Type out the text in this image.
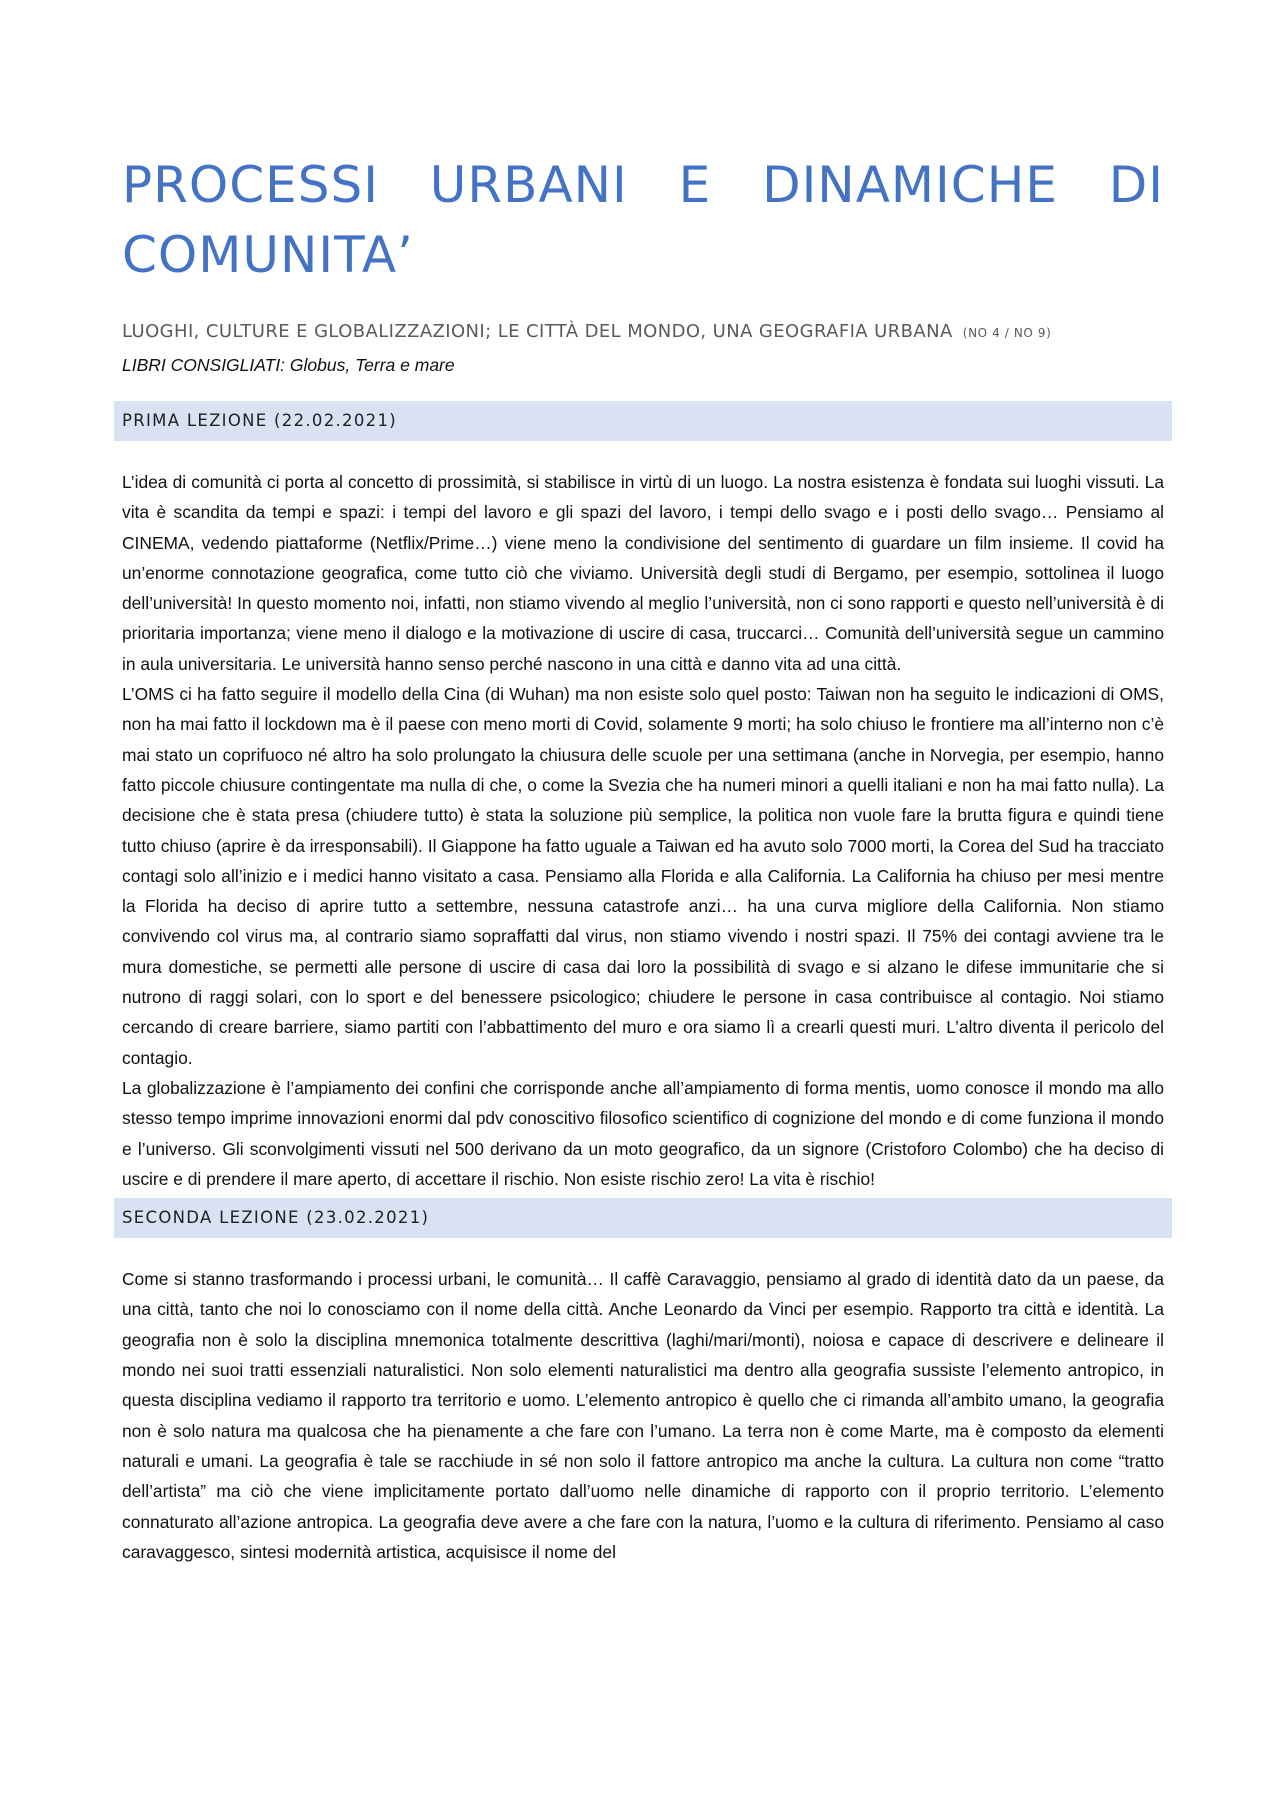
PROCESSI URBANI E DINAMICHE DI COMUNITA’
LUOGHI, CULTURE E GLOBALIZZAZIONI; LE CITTÀ DEL MONDO, UNA GEOGRAFIA URBANA (NO 4 / NO 9)
LIBRI CONSIGLIATI: Globus, Terra e mare
PRIMA LEZIONE (22.02.2021)

L’idea di comunità ci porta al concetto di prossimità, si stabilisce in virtù di un luogo. La nostra esistenza è fondata sui luoghi vissuti. La vita è scandita da tempi e spazi: i tempi del lavoro e gli spazi del lavoro, i tempi dello svago e i posti dello svago… Pensiamo al CINEMA, vedendo piattaforme (Netflix/Prime…) viene meno la condivisione del sentimento di guardare un film insieme. Il covid ha un’enorme connotazione geografica, come tutto ciò che viviamo. Università degli studi di Bergamo, per esempio, sottolinea il luogo dell’università! In questo momento noi, infatti, non stiamo vivendo al meglio l’università, non ci sono rapporti e questo nell’università è di prioritaria importanza; viene meno il dialogo e la motivazione di uscire di casa, truccarci… Comunità dell’università segue un cammino in aula universitaria. Le università hanno senso perché nascono in una città e danno vita ad una città.

L’OMS ci ha fatto seguire il modello della Cina (di Wuhan) ma non esiste solo quel posto: Taiwan non ha seguito le indicazioni di OMS, non ha mai fatto il lockdown ma è il paese con meno morti di Covid, solamente 9 morti; ha solo chiuso le frontiere ma all’interno non c’è mai stato un coprifuoco né altro ha solo prolungato la chiusura delle scuole per una settimana (anche in Norvegia, per esempio, hanno fatto piccole chiusure contingentate ma nulla di che, o come la Svezia che ha numeri minori a quelli italiani e non ha mai fatto nulla). La decisione che è stata presa (chiudere tutto) è stata la soluzione più semplice, la politica non vuole fare la brutta figura e quindi tiene tutto chiuso (aprire è da irresponsabili). Il Giappone ha fatto uguale a Taiwan ed ha avuto solo 7000 morti, la Corea del Sud ha tracciato contagi solo all’inizio e i medici hanno visitato a casa. Pensiamo alla Florida e alla California. La California ha chiuso per mesi mentre la Florida ha deciso di aprire tutto a settembre, nessuna catastrofe anzi… ha una curva migliore della California. Non stiamo convivendo col virus ma, al contrario siamo sopraffatti dal virus, non stiamo vivendo i nostri spazi. Il 75% dei contagi avviene tra le mura domestiche, se permetti alle persone di uscire di casa dai loro la possibilità di svago e si alzano le difese immunitarie che si nutrono di raggi solari, con lo sport e del benessere psicologico; chiudere le persone in casa contribuisce al contagio. Noi stiamo cercando di creare barriere, siamo partiti con l’abbattimento del muro e ora siamo lì a crearli questi muri. L’altro diventa il pericolo del contagio.

La globalizzazione è l’ampiamento dei confini che corrisponde anche all’ampiamento di forma mentis, uomo conosce il mondo ma allo stesso tempo imprime innovazioni enormi dal pdv conoscitivo filosofico scientifico di cognizione del mondo e di come funziona il mondo e l’universo. Gli sconvolgimenti vissuti nel 500 derivano da un moto geografico, da un signore (Cristoforo Colombo) che ha deciso di uscire e di prendere il mare aperto, di accettare il rischio. Non esiste rischio zero! La vita è rischio!

SECONDA LEZIONE (23.02.2021)

Come si stanno trasformando i processi urbani, le comunità… Il caffè Caravaggio, pensiamo al grado di identità dato da un paese, da una città, tanto che noi lo conosciamo con il nome della città. Anche Leonardo da Vinci per esempio. Rapporto tra città e identità. La geografia non è solo la disciplina mnemonica totalmente descrittiva (laghi/mari/monti), noiosa e capace di descrivere e delineare il mondo nei suoi tratti essenziali naturalistici. Non solo elementi naturalistici ma dentro alla geografia sussiste l’elemento antropico, in questa disciplina vediamo il rapporto tra territorio e uomo. L’elemento antropico è quello che ci rimanda all’ambito umano, la geografia non è solo natura ma qualcosa che ha pienamente a che fare con l’umano. La terra non è come Marte, ma è composto da elementi naturali e umani. La geografia è tale se racchiude in sé non solo il fattore antropico ma anche la cultura. La cultura non come “tratto dell’artista” ma ciò che viene implicitamente portato dall’uomo nelle dinamiche di rapporto con il proprio territorio. L’elemento connaturato all’azione antropica. La geografia deve avere a che fare con la natura, l’uomo e la cultura di riferimento. Pensiamo al caso caravaggesco, sintesi modernità artistica, acquisisce il nome del
